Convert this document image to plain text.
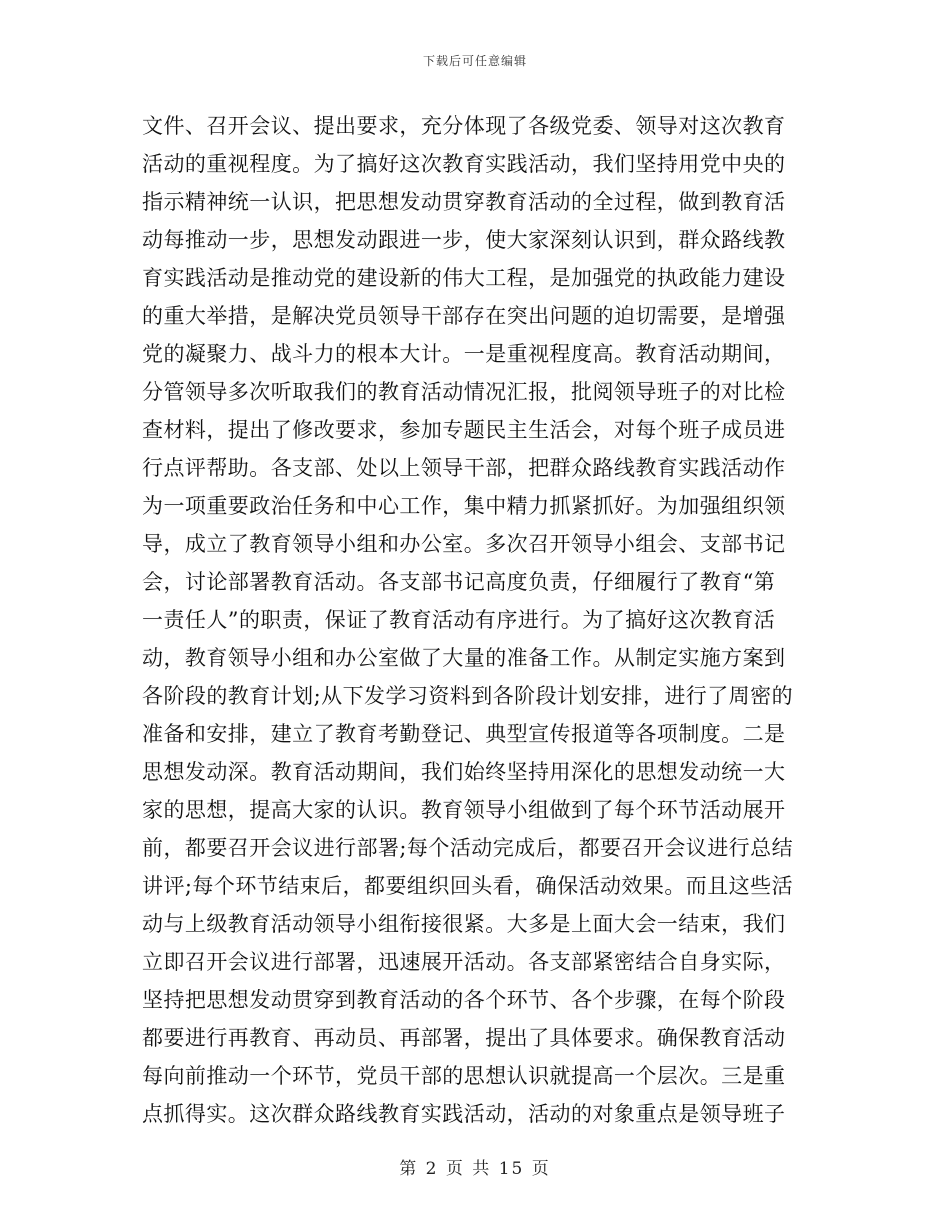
下载后可任意编辑
文件、召开会议、提出要求，充分体现了各级党委、领导对这次教育
活动的重视程度。为了搞好这次教育实践活动，我们坚持用党中央的
指示精神统一认识，把思想发动贯穿教育活动的全过程，做到教育活
动每推动一步，思想发动跟进一步，使大家深刻认识到，群众路线教
育实践活动是推动党的建设新的伟大工程，是加强党的执政能力建设
的重大举措，是解决党员领导干部存在突出问题的迫切需要，是增强
党的凝聚力、战斗力的根本大计。一是重视程度高。教育活动期间，
分管领导多次听取我们的教育活动情况汇报，批阅领导班子的对比检
查材料，提出了修改要求，参加专题民主生活会，对每个班子成员进
行点评帮助。各支部、处以上领导干部，把群众路线教育实践活动作
为一项重要政治任务和中心工作，集中精力抓紧抓好。为加强组织领
导，成立了教育领导小组和办公室。多次召开领导小组会、支部书记
会，讨论部署教育活动。各支部书记高度负责，仔细履行了教育“第
一责任人”的职责，保证了教育活动有序进行。为了搞好这次教育活
动，教育领导小组和办公室做了大量的准备工作。从制定实施方案到
各阶段的教育计划;从下发学习资料到各阶段计划安排，进行了周密的
准备和安排，建立了教育考勤登记、典型宣传报道等各项制度。二是
思想发动深。教育活动期间，我们始终坚持用深化的思想发动统一大
家的思想，提高大家的认识。教育领导小组做到了每个环节活动展开
前，都要召开会议进行部署;每个活动完成后，都要召开会议进行总结
讲评;每个环节结束后，都要组织回头看，确保活动效果。而且这些活
动与上级教育活动领导小组衔接很紧。大多是上面大会一结束，我们
立即召开会议进行部署，迅速展开活动。各支部紧密结合自身实际，
坚持把思想发动贯穿到教育活动的各个环节、各个步骤，在每个阶段
都要进行再教育、再动员、再部署，提出了具体要求。确保教育活动
每向前推动一个环节，党员干部的思想认识就提高一个层次。三是重
点抓得实。这次群众路线教育实践活动，活动的对象重点是领导班子
第 2 页 共 15 页
